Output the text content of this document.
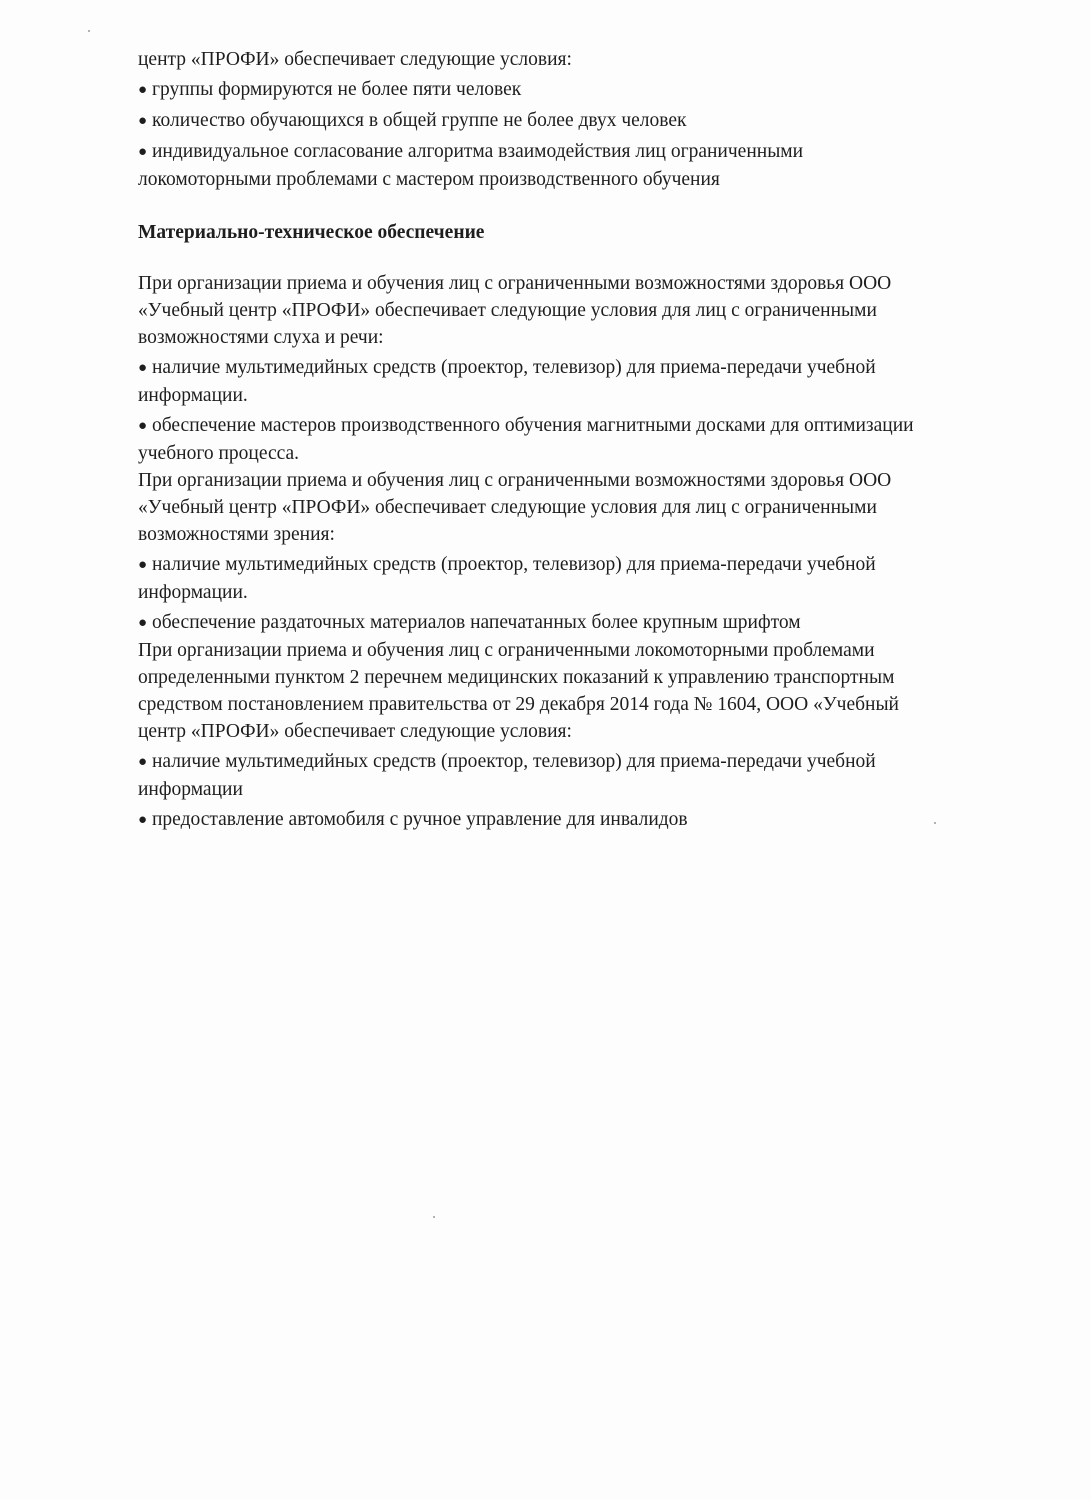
центр «ПРОФИ» обеспечивает следующие условия:
● группы формируются не более пяти человек
● количество обучающихся в общей группе не более двух человек
● индивидуальное согласование алгоритма взаимодействия лиц ограниченными
локомоторными проблемами с мастером производственного обучения
Материально-техническое обеспечение
При организации приема и обучения лиц с ограниченными возможностями здоровья ООО
«Учебный центр «ПРОФИ» обеспечивает следующие условия для лиц с ограниченными
возможностями слуха и речи:
● наличие мультимедийных средств (проектор, телевизор) для приема-передачи учебной
информации.
● обеспечение мастеров производственного обучения магнитными досками для оптимизации
учебного процесса.
При организации приема и обучения лиц с ограниченными возможностями здоровья ООО
«Учебный центр «ПРОФИ» обеспечивает следующие условия для лиц с ограниченными
возможностями зрения:
● наличие мультимедийных средств (проектор, телевизор) для приема-передачи учебной
информации.
● обеспечение раздаточных материалов напечатанных более крупным шрифтом
При организации приема и обучения лиц с ограниченными локомоторными проблемами
определенными пунктом 2 перечнем медицинских показаний к управлению транспортным
средством постановлением правительства от 29 декабря 2014 года № 1604, ООО «Учебный
центр «ПРОФИ» обеспечивает следующие условия:
● наличие мультимедийных средств (проектор, телевизор) для приема-передачи учебной
информации
● предоставление автомобиля с ручное управление для инвалидов
